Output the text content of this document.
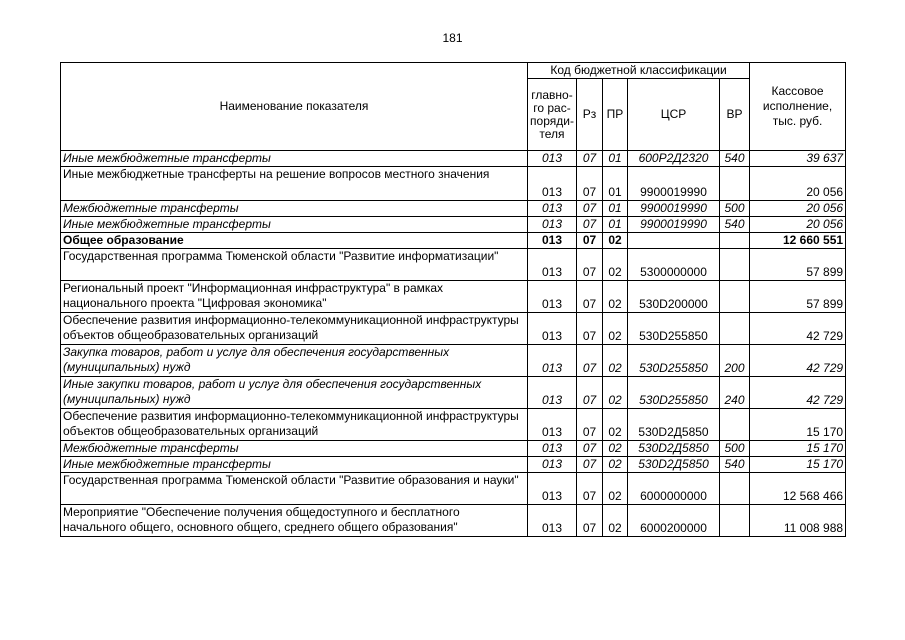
181
Наименование показателя	Код бюджетной классификации					Кассовое
исполнение,
тыс. руб.
	главно-
го рас-
поряди-
теля	Рз	ПР	ЦСР	ВР	
Иные межбюджетные трансферты	013	07	01	600Р2Д2320	540	39 637
Иные межбюджетные трансферты на решение вопросов местного значения	013	07	01	9900019990		20 056
Межбюджетные трансферты	013	07	01	9900019990	500	20 056
Иные межбюджетные трансферты	013	07	01	9900019990	540	20 056
Общее образование	013	07	02			12 660 551
Государственная программа Тюменской области "Развитие информатизации"	013	07	02	5300000000		57 899
Региональный проект "Информационная инфраструктура" в рамках национального проекта "Цифровая экономика"	013	07	02	530D200000		57 899
Обеспечение развития информационно-телекоммуникационной инфраструктуры объектов общеобразовательных организаций	013	07	02	530D255850		42 729
Закупка товаров, работ и услуг для обеспечения государственных (муниципальных) нужд	013	07	02	530D255850	200	42 729
Иные закупки товаров, работ и услуг для обеспечения государственных (муниципальных) нужд	013	07	02	530D255850	240	42 729
Обеспечение развития информационно-телекоммуникационной инфраструктуры объектов общеобразовательных организаций	013	07	02	530D2Д5850		15 170
Межбюджетные трансферты	013	07	02	530D2Д5850	500	15 170
Иные межбюджетные трансферты	013	07	02	530D2Д5850	540	15 170
Государственная программа Тюменской области "Развитие образования и науки"	013	07	02	6000000000		12 568 466
Мероприятие "Обеспечение получения общедоступного и бесплатного начального общего, основного общего, среднего общего образования"	013	07	02	6000200000		11 008 988
